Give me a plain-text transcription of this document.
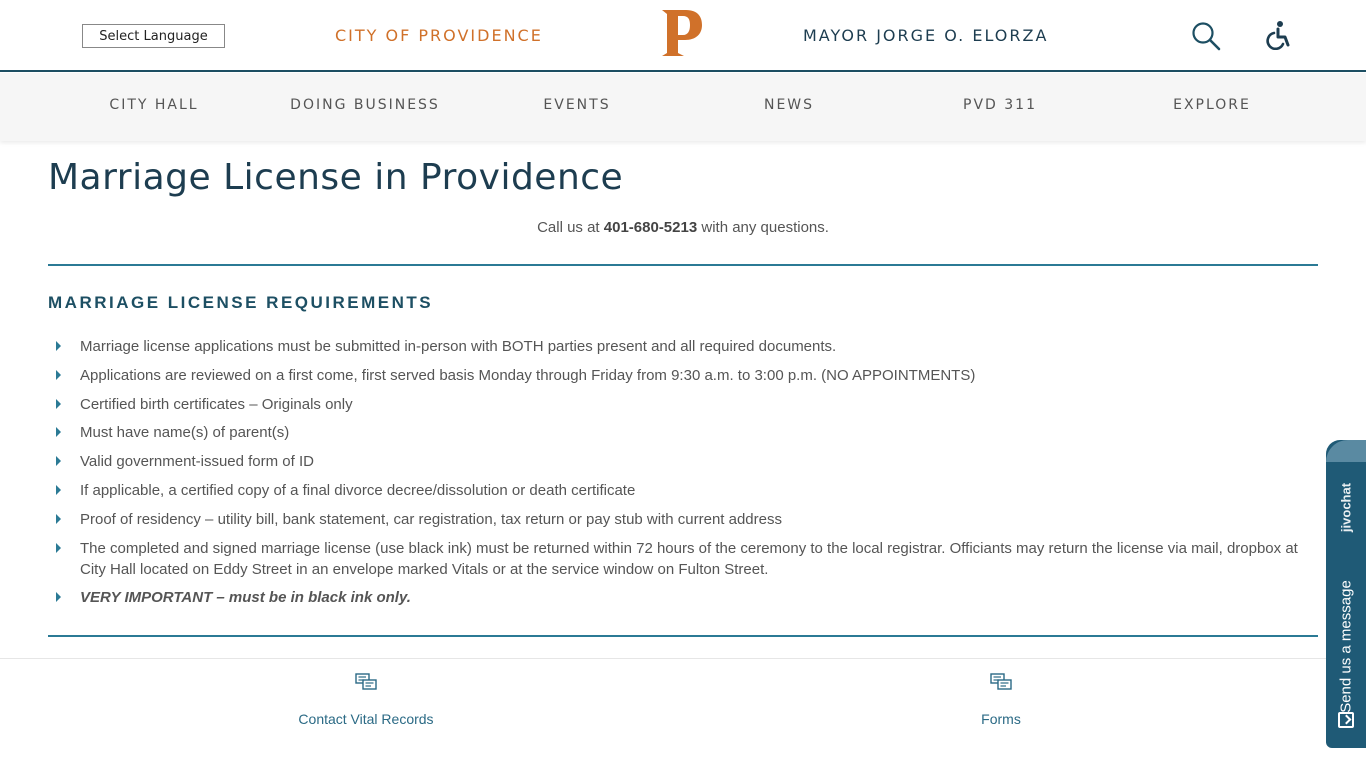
Select Language	CITY OF PROVIDENCE	MAYOR JORGE O. ELORZA
CITY HALL	DOING BUSINESS	EVENTS	NEWS	PVD 311	EXPLORE
Marriage License in Providence

Call us at 401-680-5213 with any questions.

MARRIAGE LICENSE REQUIREMENTS
Marriage license applications must be submitted in-person with BOTH parties present and all required documents.
Applications are reviewed on a first come, first served basis Monday through Friday from 9:30 a.m. to 3:00 p.m. (NO APPOINTMENTS)
Certified birth certificates – Originals only
Must have name(s) of parent(s)
Valid government-issued form of ID
If applicable, a certified copy of a final divorce decree/dissolution or death certificate
Proof of residency – utility bill, bank statement, car registration, tax return or pay stub with current address
The completed and signed marriage license (use black ink) must be returned within 72 hours of the ceremony to the local registrar. Officiants may return the license via mail, dropbox at City Hall located on Eddy Street in an envelope marked Vitals or at the service window on Fulton Street.
VERY IMPORTANT – must be in black ink only.
Contact Vital Records	Forms
jivochat
Send us a message
